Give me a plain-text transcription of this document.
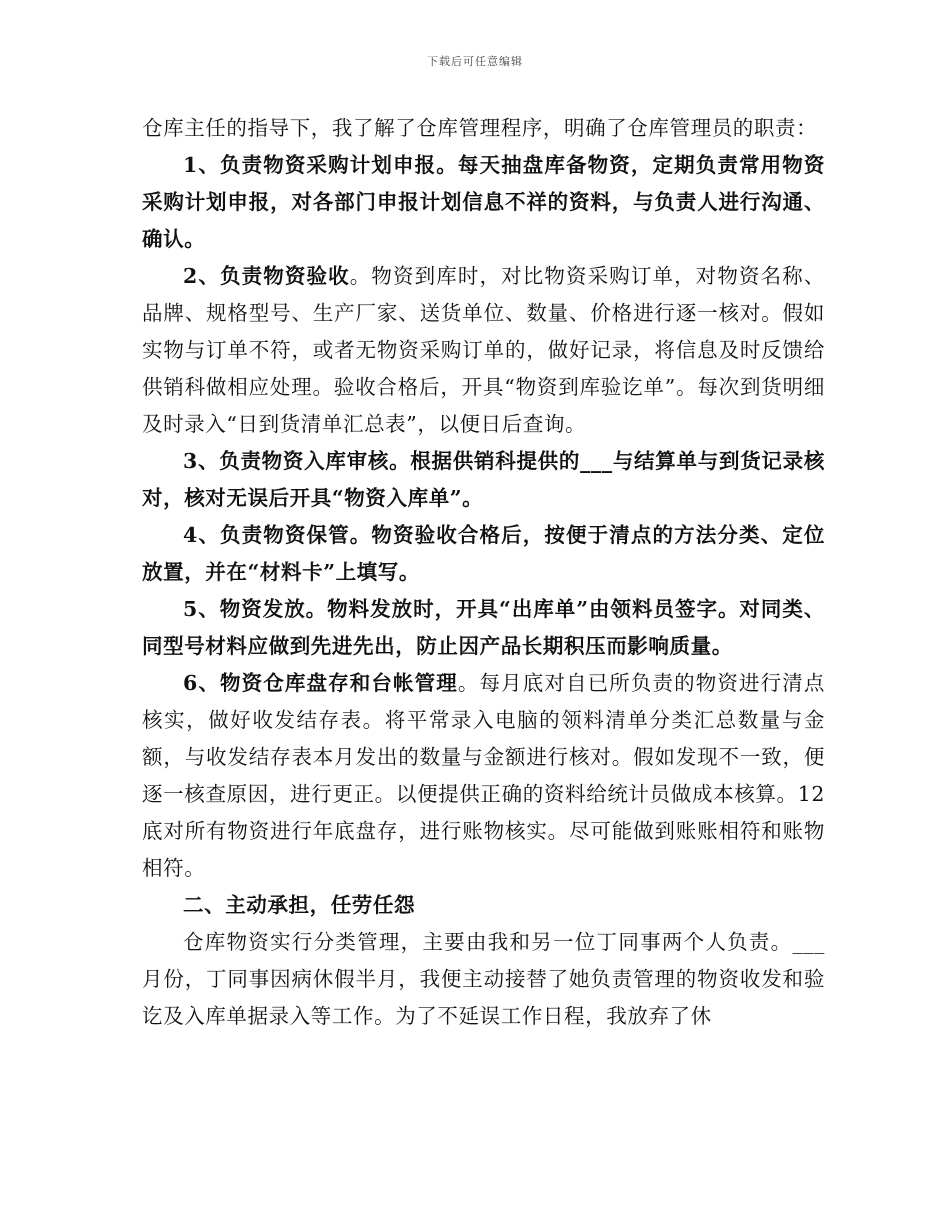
下载后可任意编辑

仓库主任的指导下，我了解了仓库管理程序，明确了仓库管理员的职责：

1、负责物资采购计划申报。每天抽盘库备物资，定期负责常用物资采购计划申报，对各部门申报计划信息不祥的资料，与负责人进行沟通、确认。

2、负责物资验收。物资到库时，对比物资采购订单，对物资名称、品牌、规格型号、生产厂家、送货单位、数量、价格进行逐一核对。假如实物与订单不符，或者无物资采购订单的，做好记录，将信息及时反馈给供销科做相应处理。验收合格后，开具“物资到库验讫单”。每次到货明细及时录入“日到货清单汇总表”，以便日后查询。

3、负责物资入库审核。根据供销科提供的___与结算单与到货记录核对，核对无误后开具“物资入库单”。

4、负责物资保管。物资验收合格后，按便于清点的方法分类、定位放置，并在“材料卡”上填写。

5、物资发放。物料发放时，开具“出库单”由领料员签字。对同类、同型号材料应做到先进先出，防止因产品长期积压而影响质量。

6、物资仓库盘存和台帐管理。每月底对自已所负责的物资进行清点核实，做好收发结存表。将平常录入电脑的领料清单分类汇总数量与金额，与收发结存表本月发出的数量与金额进行核对。假如发现不一致，便逐一核查原因，进行更正。以便提供正确的资料给统计员做成本核算。12底对所有物资进行年底盘存，进行账物核实。尽可能做到账账相符和账物相符。

二、主动承担，任劳任怨

仓库物资实行分类管理，主要由我和另一位丁同事两个人负责。___月份，丁同事因病休假半月，我便主动接替了她负责管理的物资收发和验讫及入库单据录入等工作。为了不延误工作日程，我放弃了休
